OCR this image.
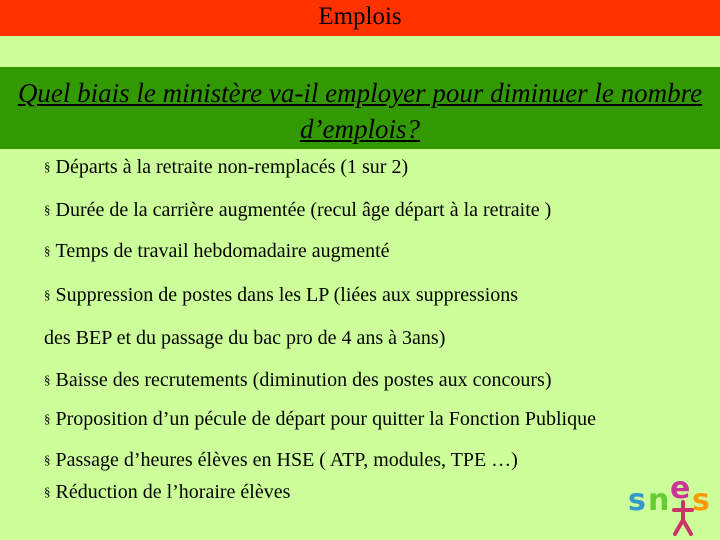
Emplois
Quel biais le ministère va-il employer pour diminuer le nombre d’emplois?
§ Départs à la retraite non-remplacés (1 sur 2)
§ Durée de la carrière augmentée (recul âge départ à la retraite )
§ Temps de travail hebdomadaire augmenté
§ Suppression de postes dans les LP (liées aux suppressions
des BEP et du passage du bac pro de 4 ans à 3ans)
§ Baisse des recrutements (diminution des postes aux concours)
§ Proposition d’un pécule de départ pour quitter la Fonction Publique
§ Passage d’heures élèves en HSE ( ATP, modules, TPE …)
§ Réduction de l’horaire élèves	s n e s
